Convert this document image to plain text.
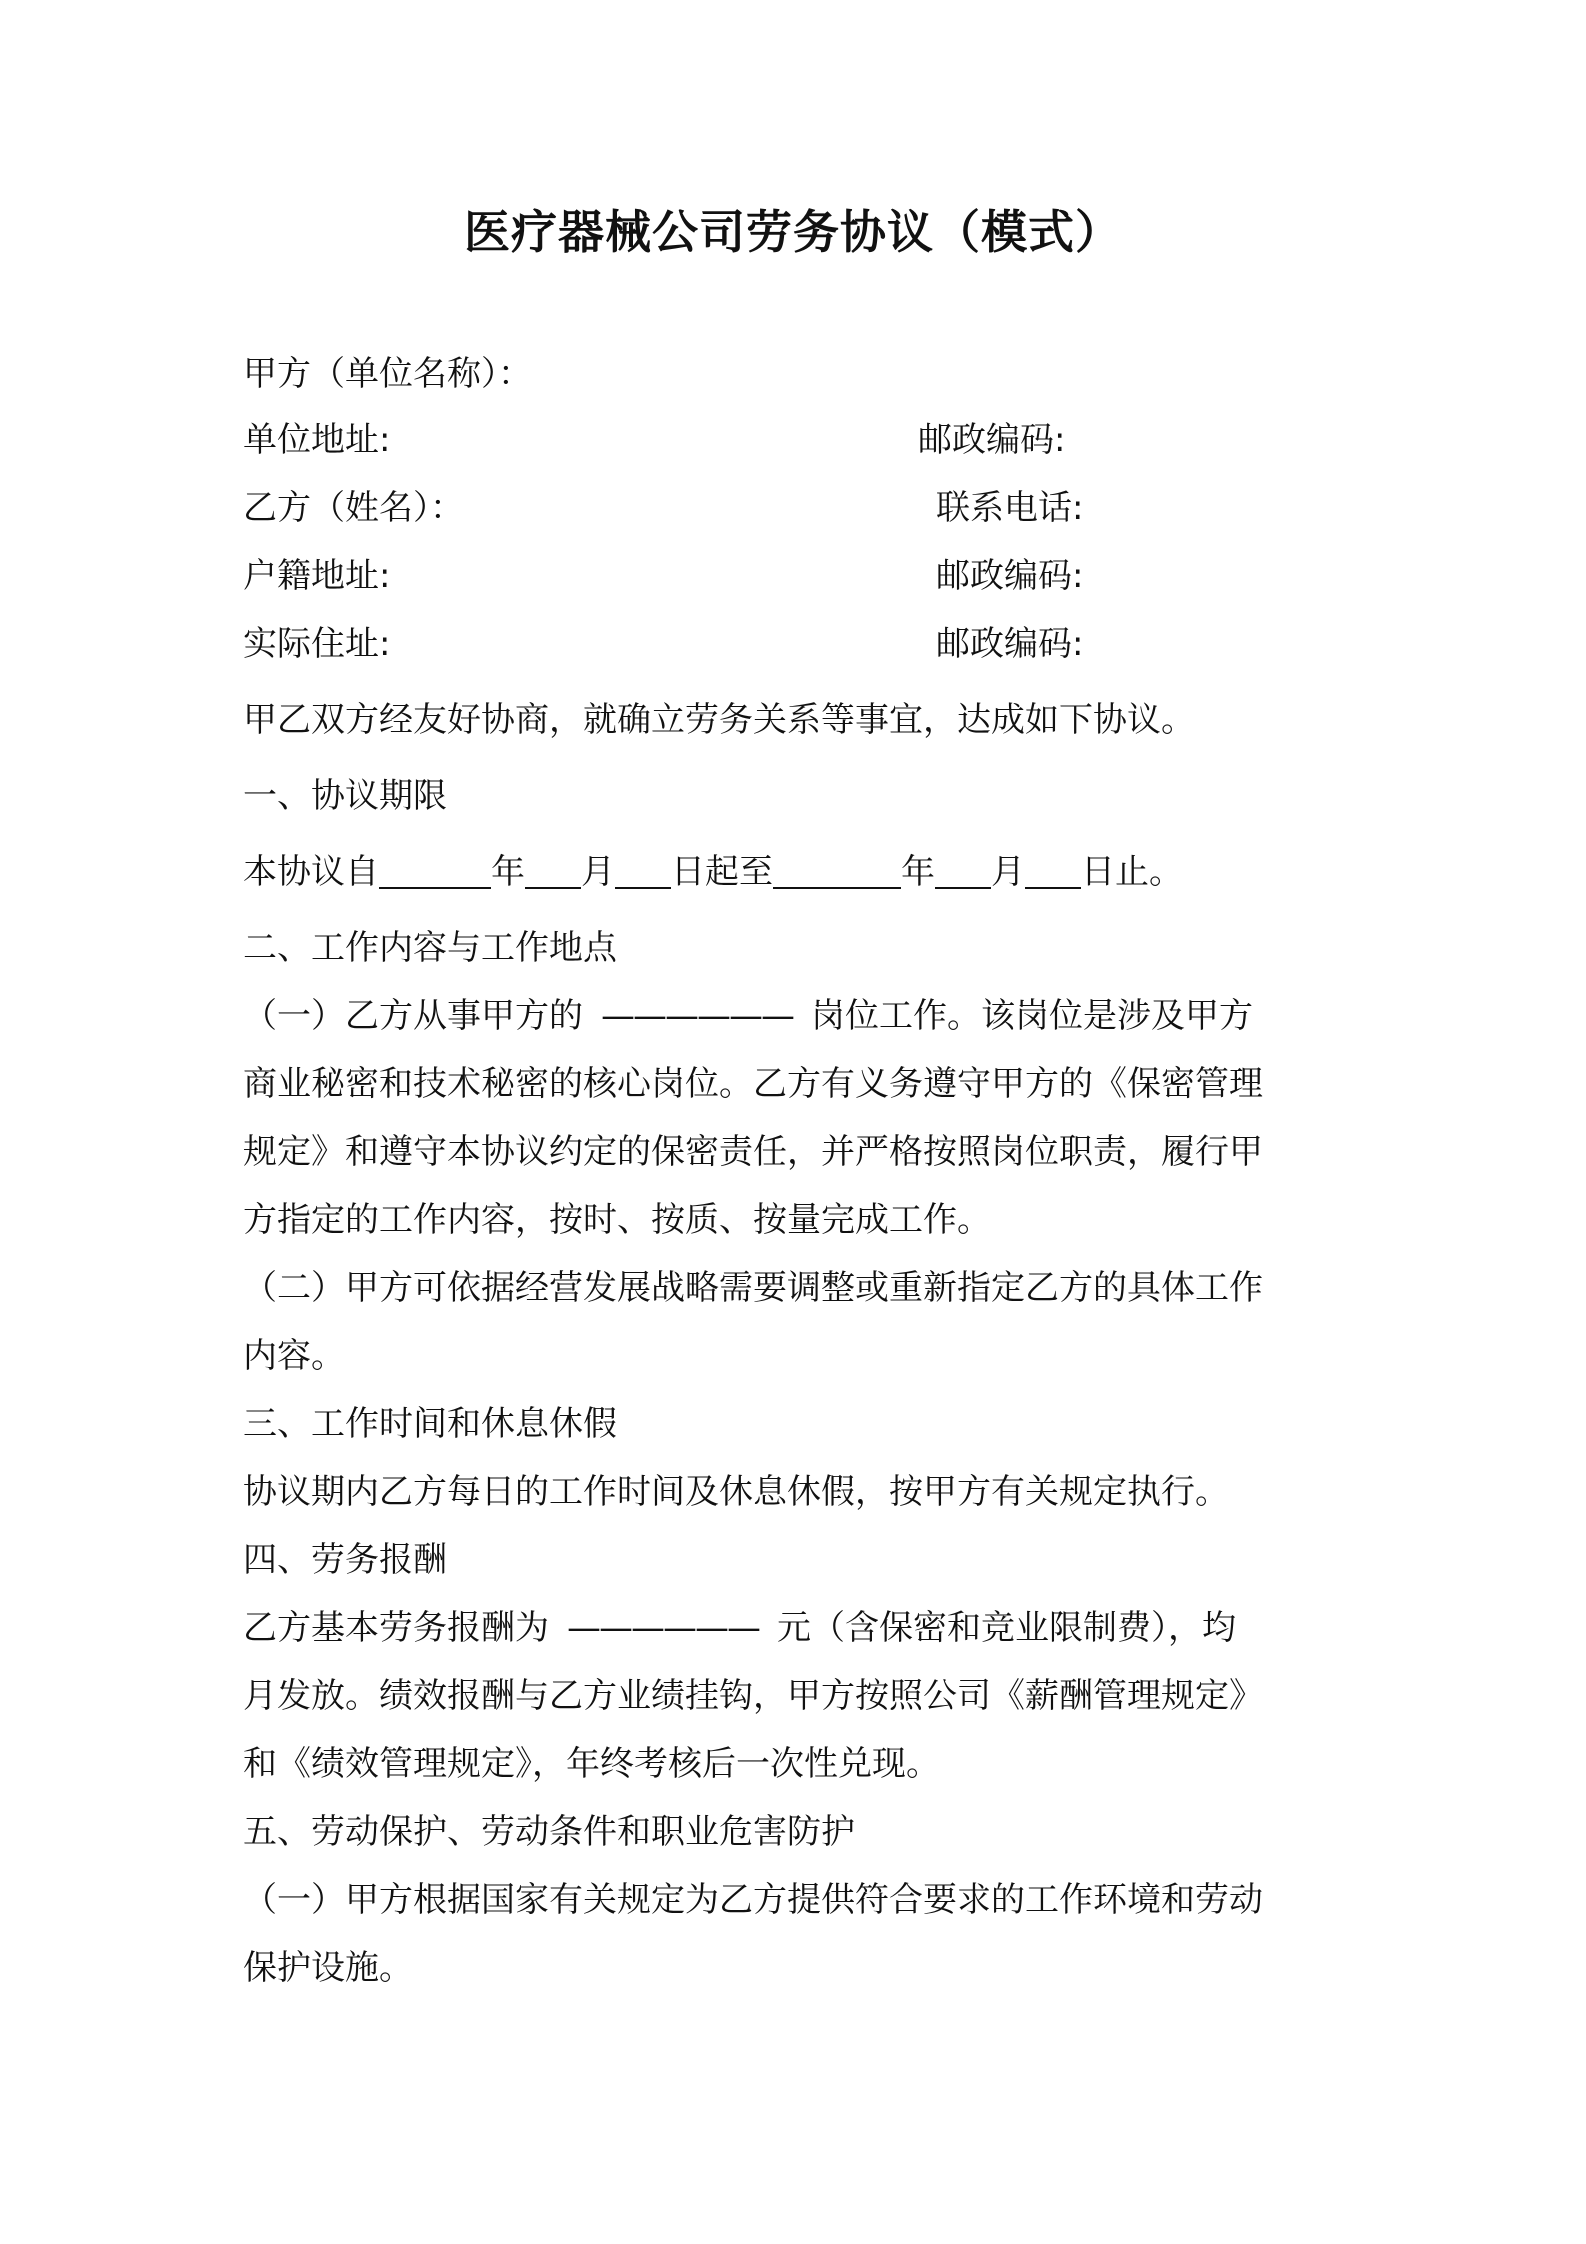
医疗器械公司劳务协议（模式）
甲方（单位名称）：
单位地址:	邮政编码:
乙方（姓名）：	联系电话:
户籍地址:	邮政编码:
实际住址:	邮政编码:
甲乙双方经友好协商，就确立劳务关系等事宜，达成如下协议。
一、协议期限
本协议自	年 月 日起至	年 月 日止。
二、工作内容与工作地点
（一）乙方从事甲方的 —————— 岗位工作。该岗位是涉及甲方
商业秘密和技术秘密的核心岗位。乙方有义务遵守甲方的《保密管理
规定》和遵守本协议约定的保密责任，并严格按照岗位职责，履行甲
方指定的工作内容，按时、按质、按量完成工作。
（二）甲方可依据经营发展战略需要调整或重新指定乙方的具体工作
内容。
三、工作时间和休息休假
协议期内乙方每日的工作时间及休息休假，按甲方有关规定执行。
四、劳务报酬
乙方基本劳务报酬为 —————— 元（含保密和竞业限制费），均
月发放。绩效报酬与乙方业绩挂钩，甲方按照公司《薪酬管理规定》
和《绩效管理规定》，年终考核后一次性兑现。
五、劳动保护、劳动条件和职业危害防护
（一）甲方根据国家有关规定为乙方提供符合要求的工作环境和劳动
保护设施。
